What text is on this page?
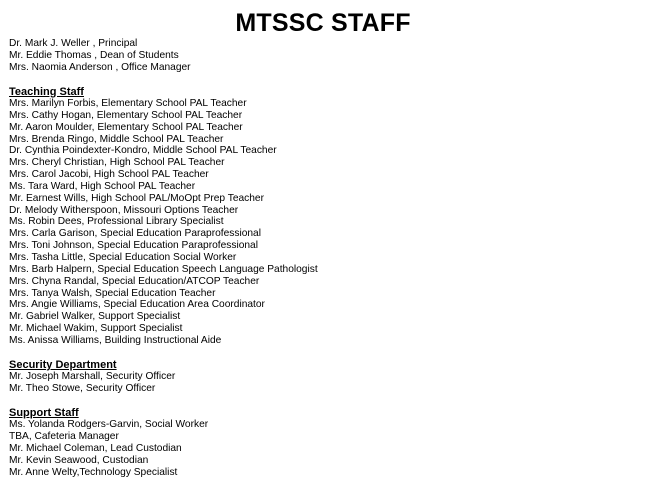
MTSSC STAFF
Dr. Mark J. Weller , Principal
Mr. Eddie Thomas , Dean of Students
Mrs. Naomia Anderson , Office Manager
Teaching Staff
Mrs. Marilyn Forbis, Elementary School PAL Teacher
Mrs. Cathy Hogan, Elementary School PAL Teacher
Mr. Aaron Moulder, Elementary School PAL Teacher
Mrs. Brenda Ringo, Middle School PAL Teacher
Dr. Cynthia Poindexter-Kondro, Middle School PAL Teacher
Mrs. Cheryl Christian, High School PAL Teacher
Mrs. Carol Jacobi, High School PAL Teacher
Ms. Tara Ward, High School PAL Teacher
Mr. Earnest Wills, High School PAL/MoOpt Prep Teacher
Dr. Melody Witherspoon, Missouri Options Teacher
Ms. Robin Dees, Professional Library Specialist
Mrs. Carla Garison, Special Education Paraprofessional
Mrs. Toni Johnson, Special Education Paraprofessional
Mrs. Tasha Little, Special Education Social Worker
Mrs. Barb Halpern, Special Education Speech Language Pathologist
Mrs. Chyna Randal, Special Education/ATCOP Teacher
Mrs. Tanya Walsh, Special Education Teacher
Mrs. Angie Williams, Special Education Area Coordinator
Mr. Gabriel Walker, Support Specialist
Mr. Michael Wakim, Support Specialist
Ms. Anissa Williams, Building Instructional Aide
Security Department
Mr. Joseph Marshall, Security Officer
Mr. Theo Stowe, Security Officer
Support Staff
Ms. Yolanda Rodgers-Garvin, Social Worker
TBA, Cafeteria Manager
Mr. Michael Coleman, Lead Custodian
Mr. Kevin Seawood, Custodian
Mr. Anne Welty,Technology Specialist
